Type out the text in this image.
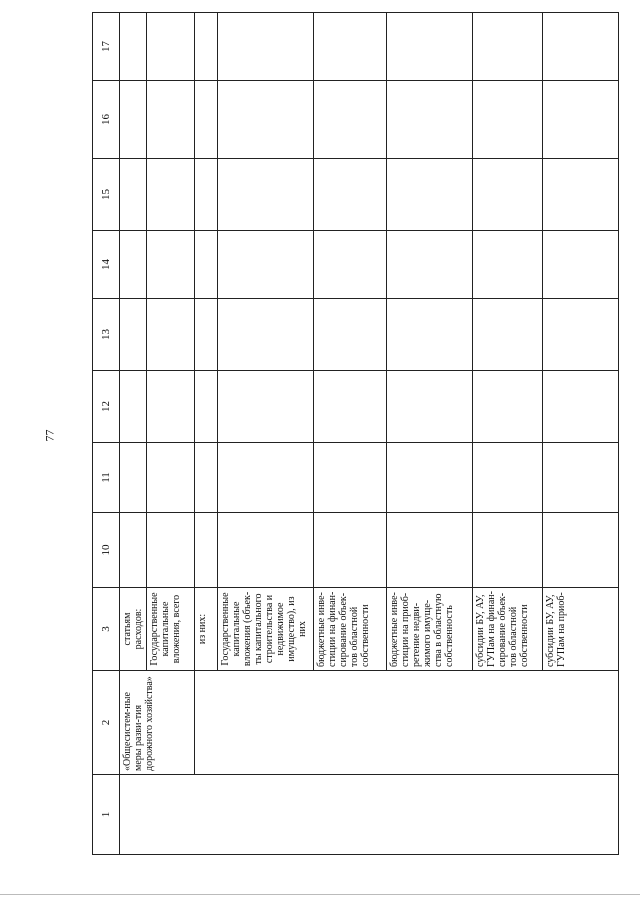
77
1	2	3	10	11	12	13	14	15	16	17
	«Общесистем-ные меры разви-тия дорожного хозяйства»	статьям расходов:								
		Государственные капитальные вложения, всего								
		из них:								
		Государственные капитальные вложения (объек-ты капитального строительства и недвижимое имущество), из них								
		бюджетные инве-стиции на финан-сирование объек-тов областной собственности								
		бюджетные инве-стиции на приоб-ретение недви-жимого имуще-ства в областную собственность								
		субсидии БУ, АУ, ГУПам на финан-сирование объек-тов областной собственности								
		субсидии БУ, АУ, ГУПам на приоб-								
